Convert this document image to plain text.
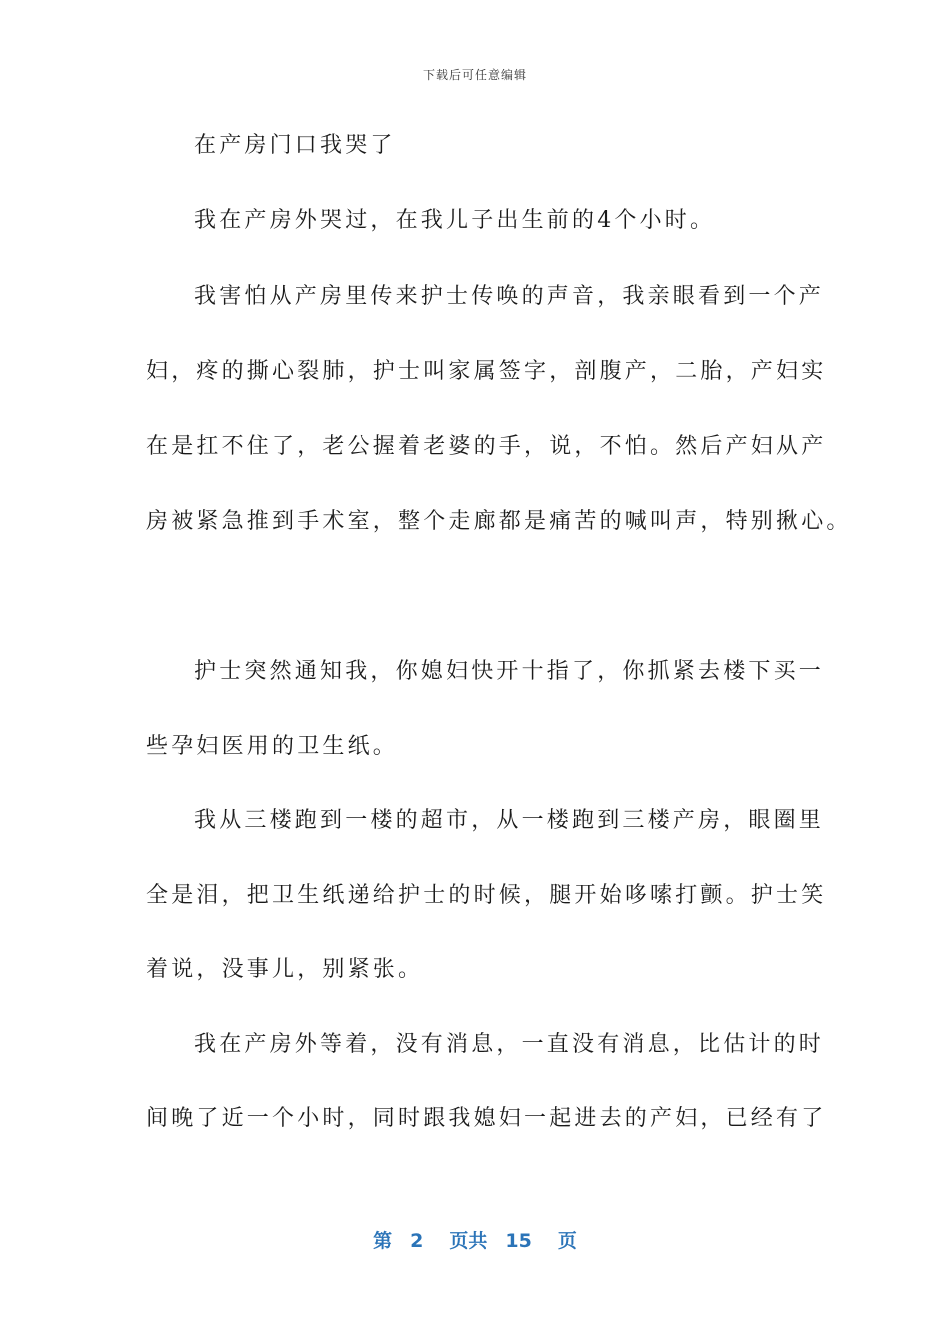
下载后可任意编辑
在产房门口我哭了
我在产房外哭过，在我儿子出生前的4个小时。
我害怕从产房里传来护士传唤的声音，我亲眼看到一个产
妇，疼的撕心裂肺，护士叫家属签字，剖腹产，二胎，产妇实
在是扛不住了，老公握着老婆的手，说，不怕。然后产妇从产
房被紧急推到手术室，整个走廊都是痛苦的喊叫声，特别揪心。
护士突然通知我，你媳妇快开十指了，你抓紧去楼下买一
些孕妇医用的卫生纸。
我从三楼跑到一楼的超市，从一楼跑到三楼产房，眼圈里
全是泪，把卫生纸递给护士的时候，腿开始哆嗦打颤。护士笑
着说，没事儿，别紧张。
我在产房外等着，没有消息，一直没有消息，比估计的时
间晚了近一个小时，同时跟我媳妇一起进去的产妇，已经有了
第 2 页共 15 页
